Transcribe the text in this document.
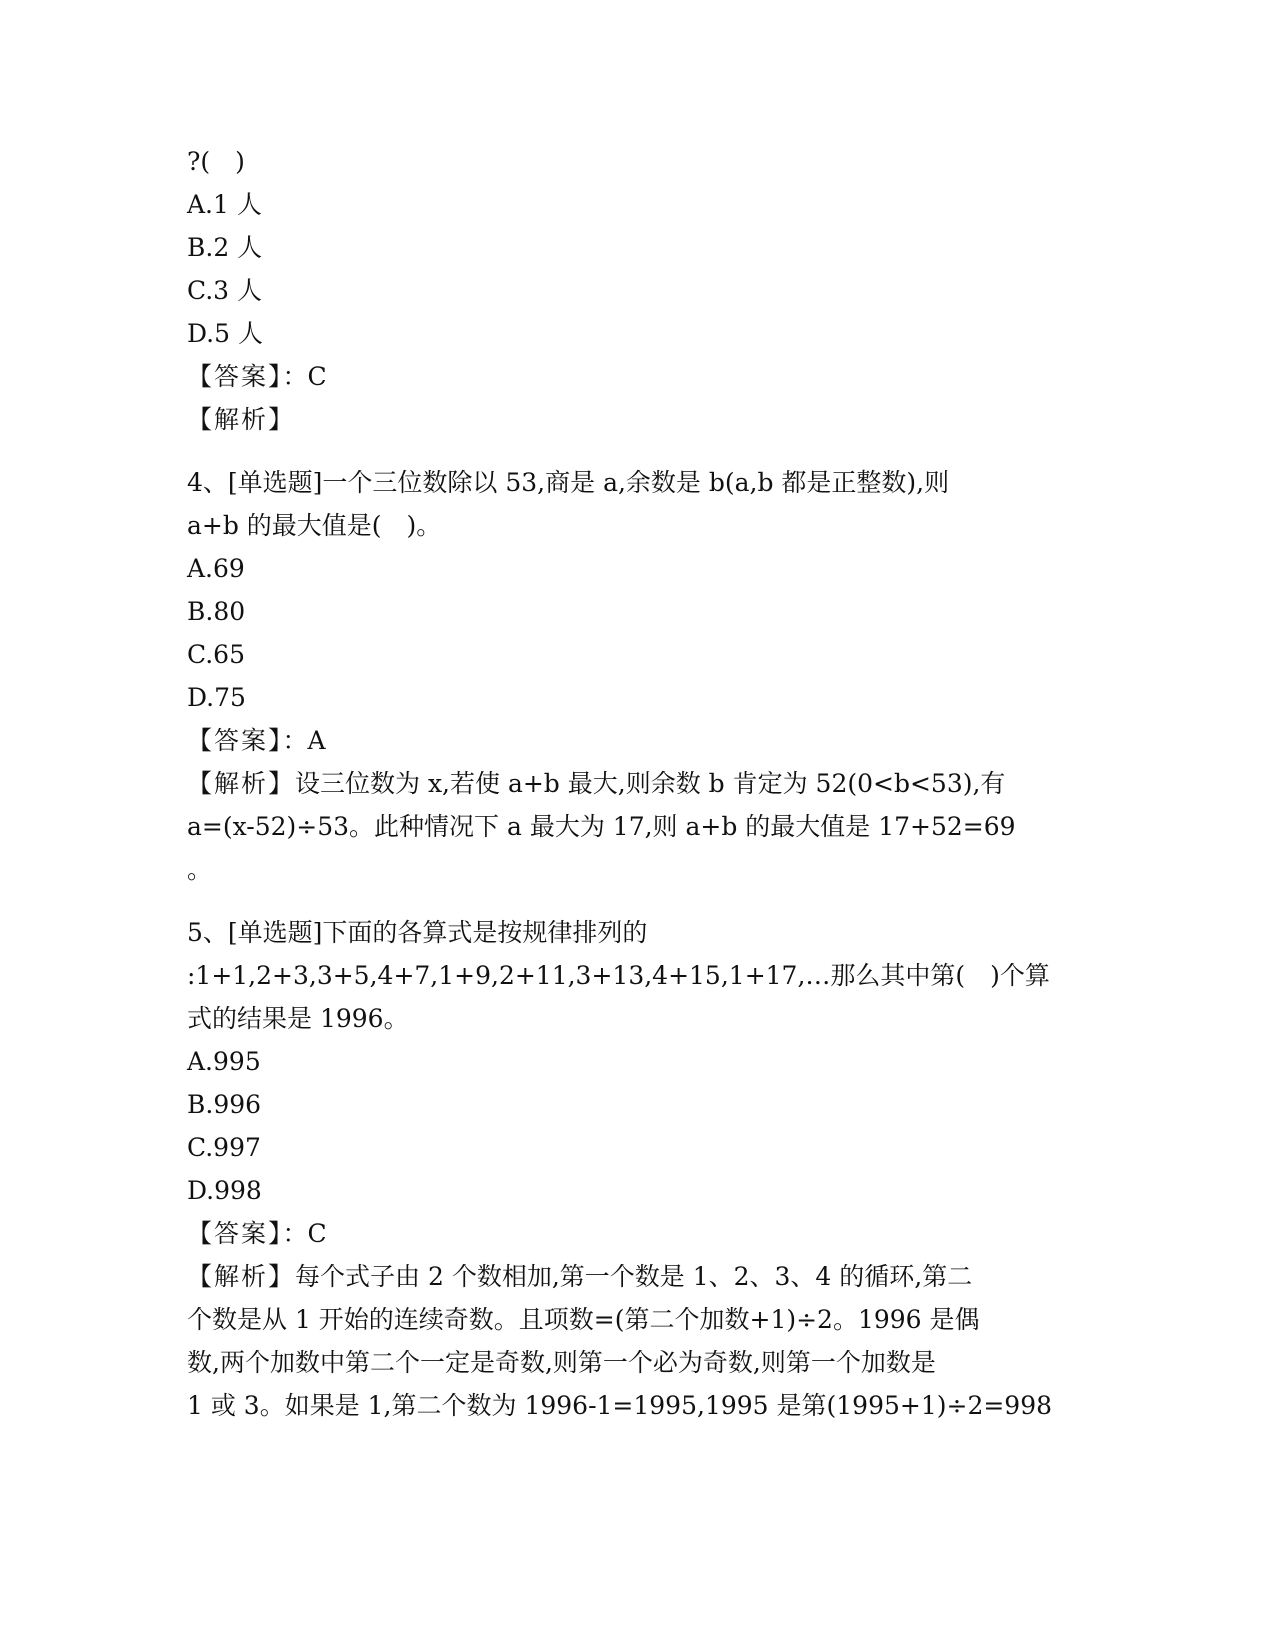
?(　)
A.1 人
B.2 人
C.3 人
D.5 人
【答案】：C
【解析】
4、[单选题]一个三位数除以 53,商是 a,余数是 b(a,b 都是正整数),则
a+b 的最大值是(　)。
A.69
B.80
C.65
D.75
【答案】：A
【解析】设三位数为 x,若使 a+b 最大,则余数 b 肯定为 52(0<b<53),有
a=(x-52)÷53。此种情况下 a 最大为 17,则 a+b 的最大值是 17+52=69
。
5、[单选题]下面的各算式是按规律排列的
:1+1,2+3,3+5,4+7,1+9,2+11,3+13,4+15,1+17,…那么其中第(　)个算
式的结果是 1996。
A.995
B.996
C.997
D.998
【答案】：C
【解析】每个式子由 2 个数相加,第一个数是 1、2、3、4 的循环,第二
个数是从 1 开始的连续奇数。且项数=(第二个加数+1)÷2。1996 是偶
数,两个加数中第二个一定是奇数,则第一个必为奇数,则第一个加数是
1 或 3。如果是 1,第二个数为 1996-1=1995,1995 是第(1995+1)÷2=998
